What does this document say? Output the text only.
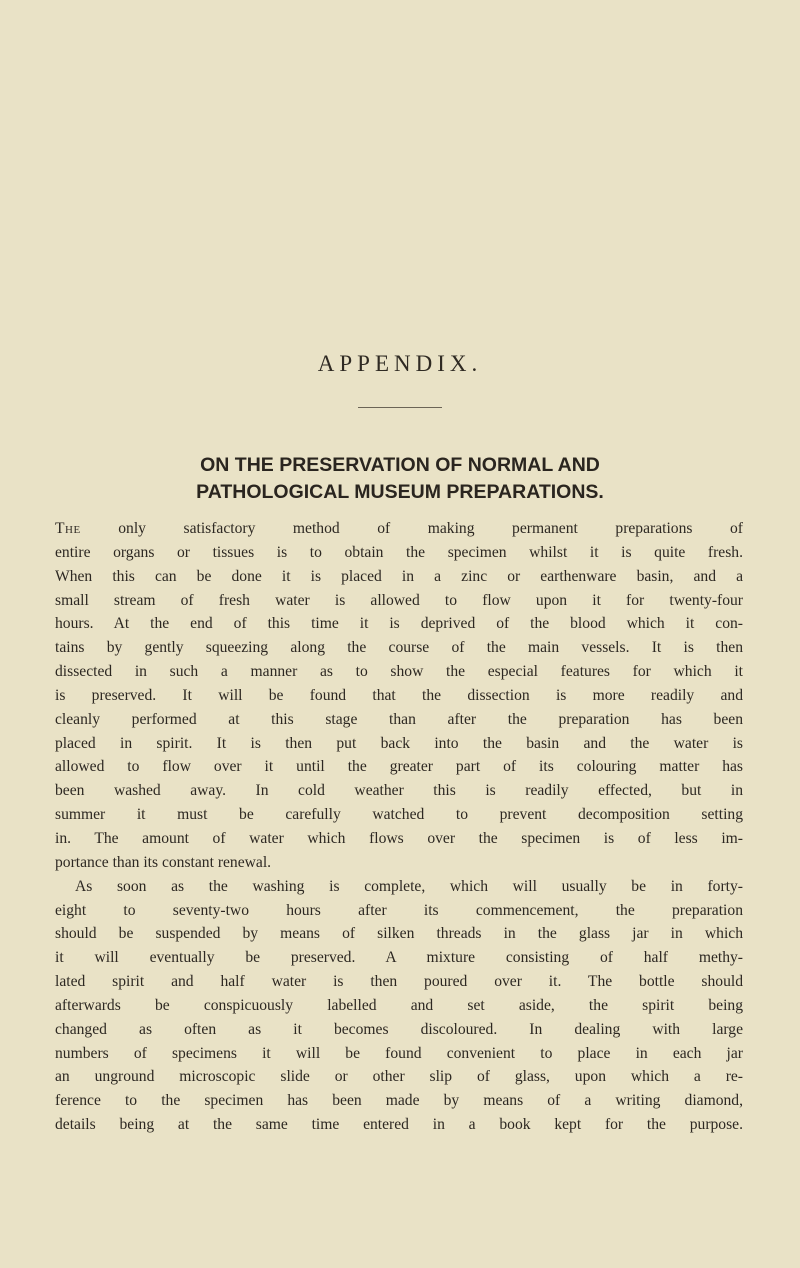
APPENDIX.
ON THE PRESERVATION OF NORMAL AND
PATHOLOGICAL MUSEUM PREPARATIONS.
The only satisfactory method of making permanent preparations of
entire organs or tissues is to obtain the specimen whilst it is quite fresh.
When this can be done it is placed in a zinc or earthenware basin, and a
small stream of fresh water is allowed to flow upon it for twenty-four
hours. At the end of this time it is deprived of the blood which it con-
tains by gently squeezing along the course of the main vessels. It is then
dissected in such a manner as to show the especial features for which it
is preserved. It will be found that the dissection is more readily and
cleanly performed at this stage than after the preparation has been
placed in spirit. It is then put back into the basin and the water is
allowed to flow over it until the greater part of its colouring matter has
been washed away. In cold weather this is readily effected, but in
summer it must be carefully watched to prevent decomposition setting
in. The amount of water which flows over the specimen is of less im-
portance than its constant renewal.
As soon as the washing is complete, which will usually be in forty-
eight to seventy-two hours after its commencement, the preparation
should be suspended by means of silken threads in the glass jar in which
it will eventually be preserved. A mixture consisting of half methy-
lated spirit and half water is then poured over it. The bottle should
afterwards be conspicuously labelled and set aside, the spirit being
changed as often as it becomes discoloured. In dealing with large
numbers of specimens it will be found convenient to place in each jar
an unground microscopic slide or other slip of glass, upon which a re-
ference to the specimen has been made by means of a writing diamond,
details being at the same time entered in a book kept for the purpose.
